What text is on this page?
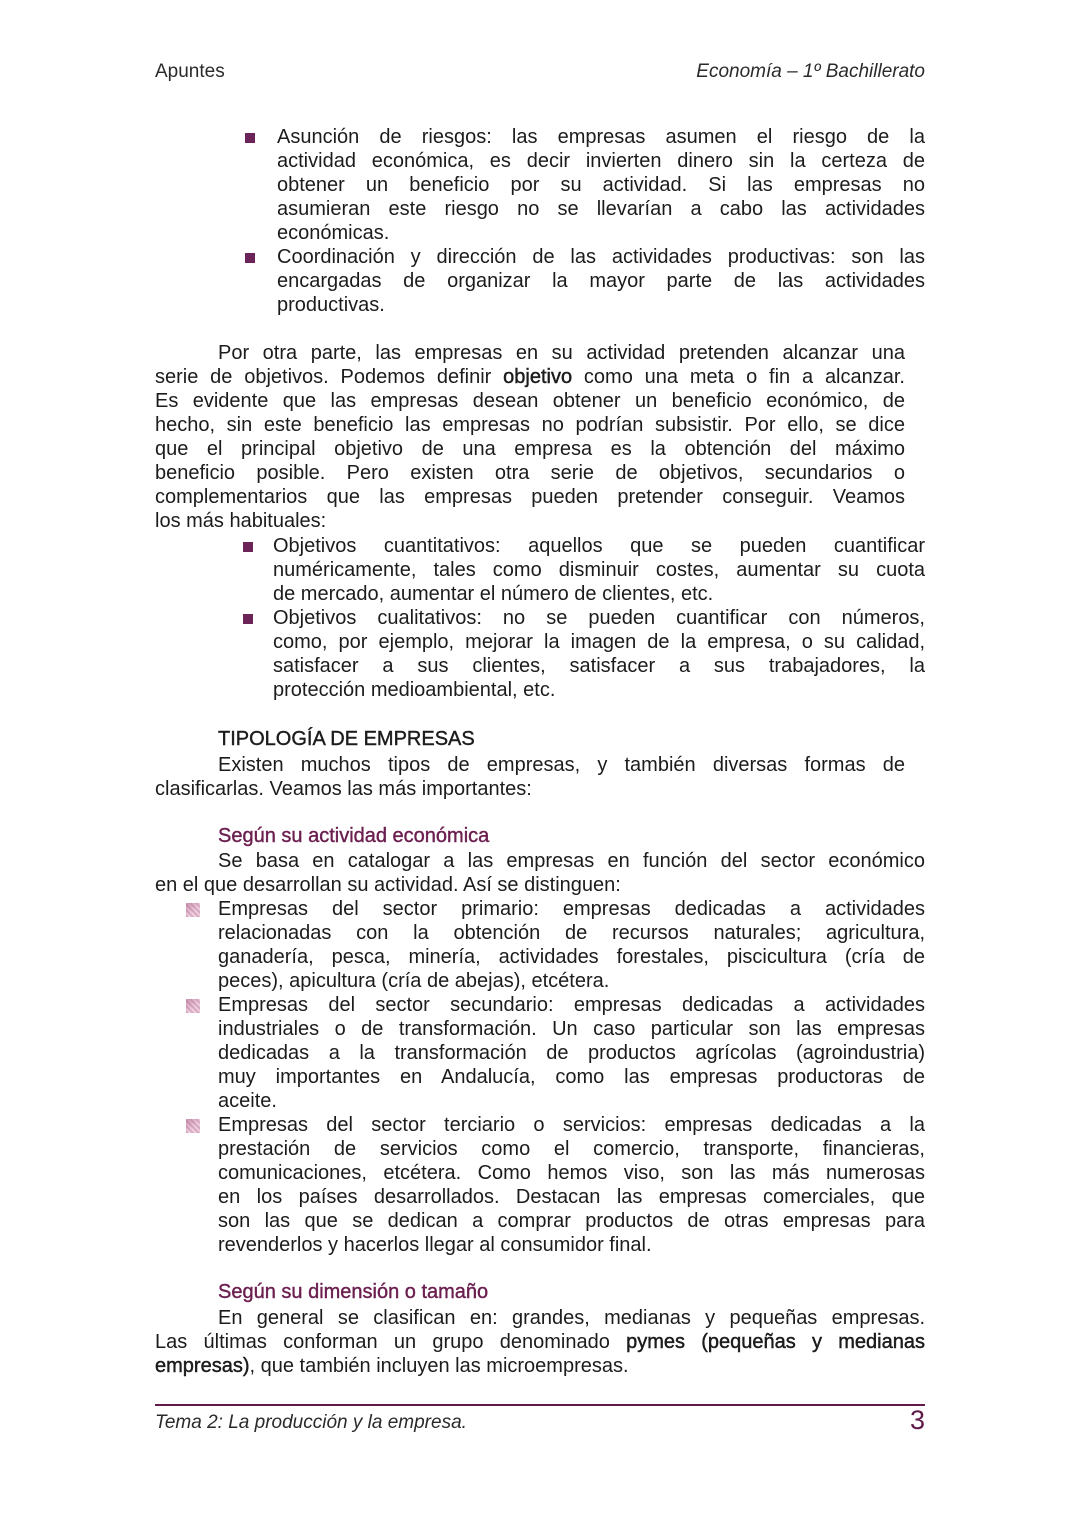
Apuntes	Economía – 1º Bachillerato
Asunción de riesgos: las empresas asumen el riesgo de la
actividad económica, es decir invierten dinero sin la certeza de
obtener un beneficio por su actividad. Si las empresas no
asumieran este riesgo no se llevarían a cabo las actividades
económicas.
Coordinación y dirección de las actividades productivas: son las
encargadas de organizar la mayor parte de las actividades
productivas.
Por otra parte, las empresas en su actividad pretenden alcanzar una
serie de objetivos. Podemos definir objetivo como una meta o fin a alcanzar.
Es evidente que las empresas desean obtener un beneficio económico, de
hecho, sin este beneficio las empresas no podrían subsistir. Por ello, se dice
que el principal objetivo de una empresa es la obtención del máximo
beneficio posible. Pero existen otra serie de objetivos, secundarios o
complementarios que las empresas pueden pretender conseguir. Veamos
los más habituales:
Objetivos cuantitativos: aquellos que se pueden cuantificar
numéricamente, tales como disminuir costes, aumentar su cuota
de mercado, aumentar el número de clientes, etc.
Objetivos cualitativos: no se pueden cuantificar con números,
como, por ejemplo, mejorar la imagen de la empresa, o su calidad,
satisfacer a sus clientes, satisfacer a sus trabajadores, la
protección medioambiental, etc.
TIPOLOGÍA DE EMPRESAS
Existen muchos tipos de empresas, y también diversas formas de
clasificarlas. Veamos las más importantes:
Según su actividad económica
Se basa en catalogar a las empresas en función del sector económico
en el que desarrollan su actividad. Así se distinguen:
Empresas del sector primario: empresas dedicadas a actividades
relacionadas con la obtención de recursos naturales; agricultura,
ganadería, pesca, minería, actividades forestales, piscicultura (cría de
peces), apicultura (cría de abejas), etcétera.
Empresas del sector secundario: empresas dedicadas a actividades
industriales o de transformación. Un caso particular son las empresas
dedicadas a la transformación de productos agrícolas (agroindustria)
muy importantes en Andalucía, como las empresas productoras de
aceite.
Empresas del sector terciario o servicios: empresas dedicadas a la
prestación de servicios como el comercio, transporte, financieras,
comunicaciones, etcétera. Como hemos viso, son las más numerosas
en los países desarrollados. Destacan las empresas comerciales, que
son las que se dedican a comprar productos de otras empresas para
revenderlos y hacerlos llegar al consumidor final.
Según su dimensión o tamaño
En general se clasifican en: grandes, medianas y pequeñas empresas.
Las últimas conforman un grupo denominado pymes (pequeñas y medianas
empresas), que también incluyen las microempresas.
Tema 2: La producción y la empresa.	3
